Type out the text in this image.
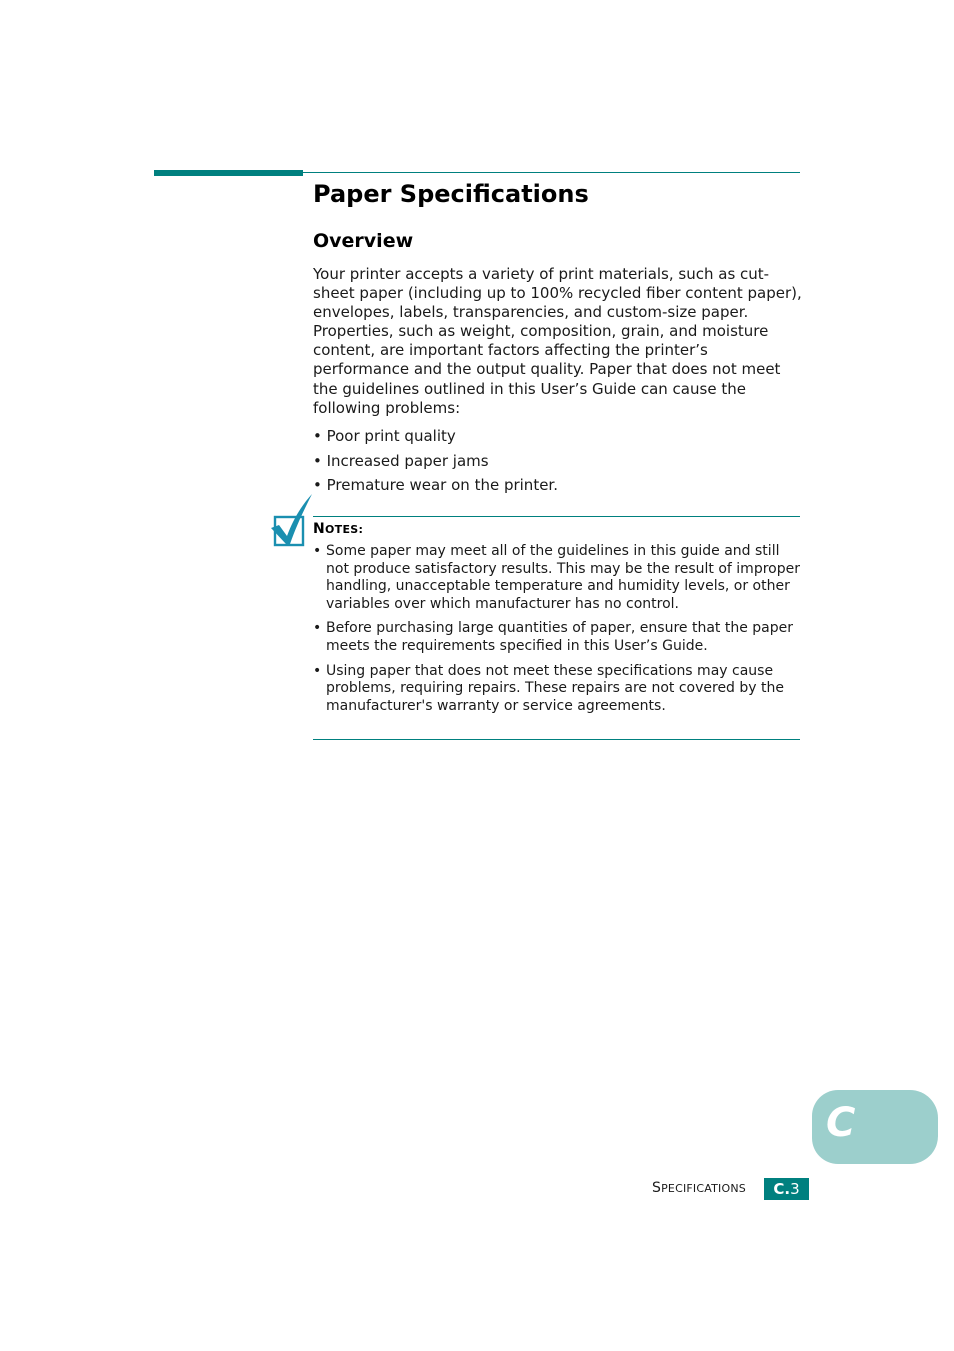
Paper Specifications
Overview

Your printer accepts a variety of print materials, such as cut-sheet paper (including up to 100% recycled fiber content paper), envelopes, labels, transparencies, and custom-size paper. Properties, such as weight, composition, grain, and moisture content, are important factors affecting the printer’s performance and the output quality. Paper that does not meet the guidelines outlined in this User’s Guide can cause the following problems:

• Poor print quality
• Increased paper jams
• Premature wear on the printer.
NOTES:
• Some paper may meet all of the guidelines in this guide and still not produce satisfactory results. This may be the result of improper handling, unacceptable temperature and humidity levels, or other variables over which manufacturer has no control.
• Before purchasing large quantities of paper, ensure that the paper meets the requirements specified in this User’s Guide.
• Using paper that does not meet these specifications may cause problems, requiring repairs. These repairs are not covered by the manufacturer's warranty or service agreements.
C
SPECIFICATIONS	C.3
